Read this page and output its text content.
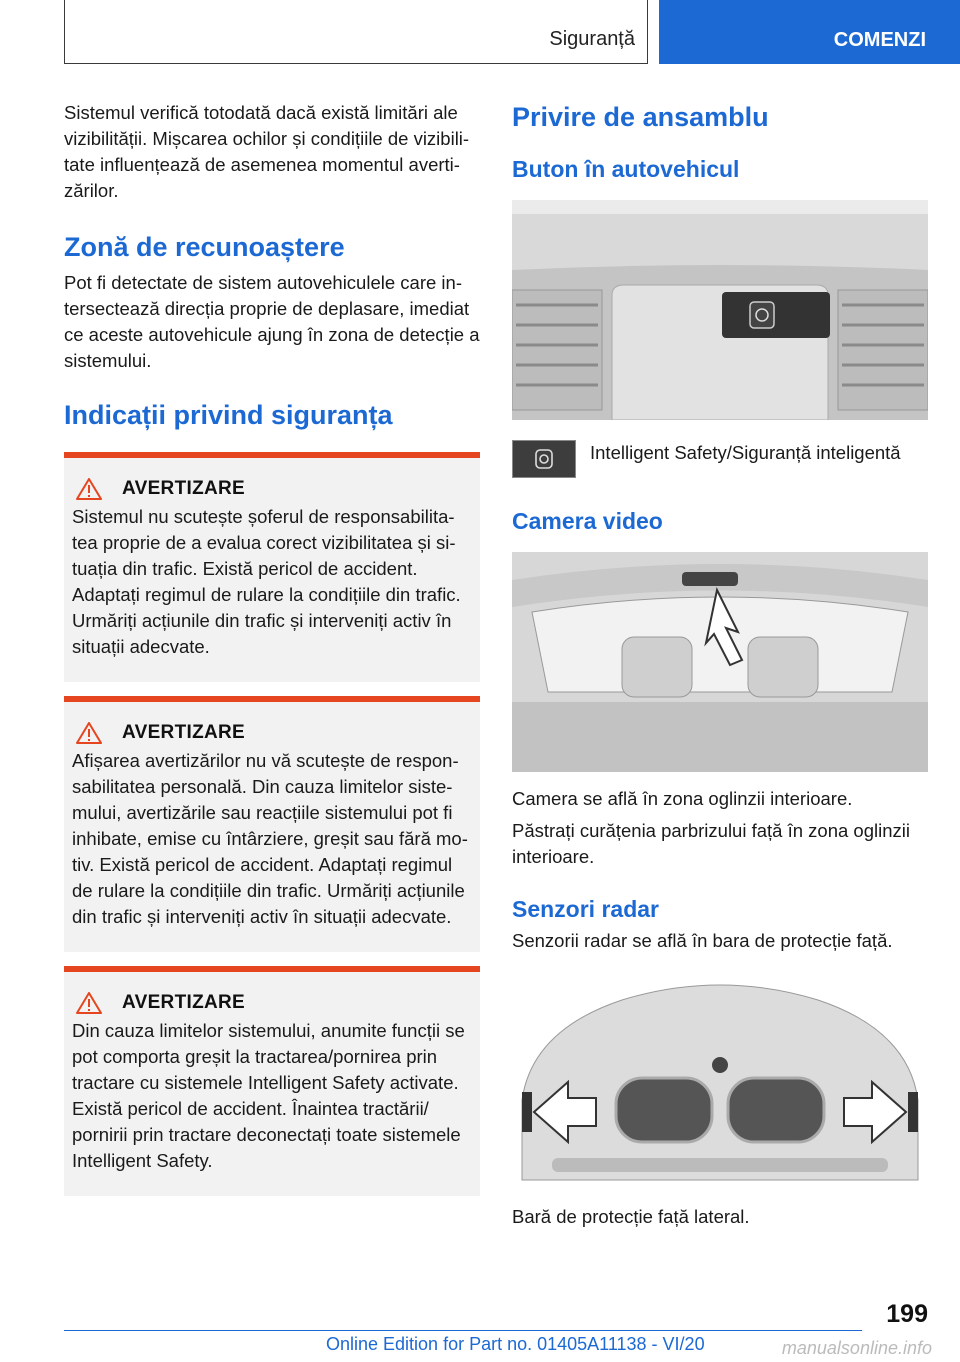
Siguranță	COMENZI

Sistemul verifică totodată dacă există limitări ale vizibilității. Mișcarea ochilor și condițiile de vizibilitate influențează de asemenea momentul avertizărilor.

Zonă de recunoaștere

Pot fi detectate de sistem autovehiculele care intersectează direcția proprie de deplasare, imediat ce aceste autovehicule ajung în zona de detecție a sistemului.

Indicații privind siguranța
AVERTIZARE

Sistemul nu scutește șoferul de responsabilitatea proprie de a evalua corect vizibilitatea și situația din trafic. Există pericol de accident. Adaptați regimul de rulare la condițiile din trafic. Urmăriți acțiunile din trafic și interveniți activ în situații adecvate.

AVERTIZARE

Afișarea avertizărilor nu vă scutește de responsabilitatea personală. Din cauza limitelor sistemului, avertizările sau reacțiile sistemului pot fi inhibate, emise cu întârziere, greșit sau fără motiv. Există pericol de accident. Adaptați regimul de rulare la condițiile din trafic. Urmăriți acțiunile din trafic și interveniți activ în situații adecvate.

AVERTIZARE

Din cauza limitelor sistemului, anumite funcții se pot comporta greșit la tractarea/pornirea prin tractare cu sistemele Intelligent Safety activate. Există pericol de accident. Înaintea tractării/ pornirii prin tractare deconectați toate sistemele Intelligent Safety.

Privire de ansamblu
Buton în autovehicul

Intelligent Safety/Siguranță inteligentă

Camera video

Camera se află în zona oglinzii interioare.

Păstrați curățenia parbrizului față în zona oglinzii interioare.

Senzori radar

Senzorii radar se află în bara de protecție față.

Bară de protecție față lateral.

199
Online Edition for Part no. 01405A11138 - VI/20	manualsonline.info
